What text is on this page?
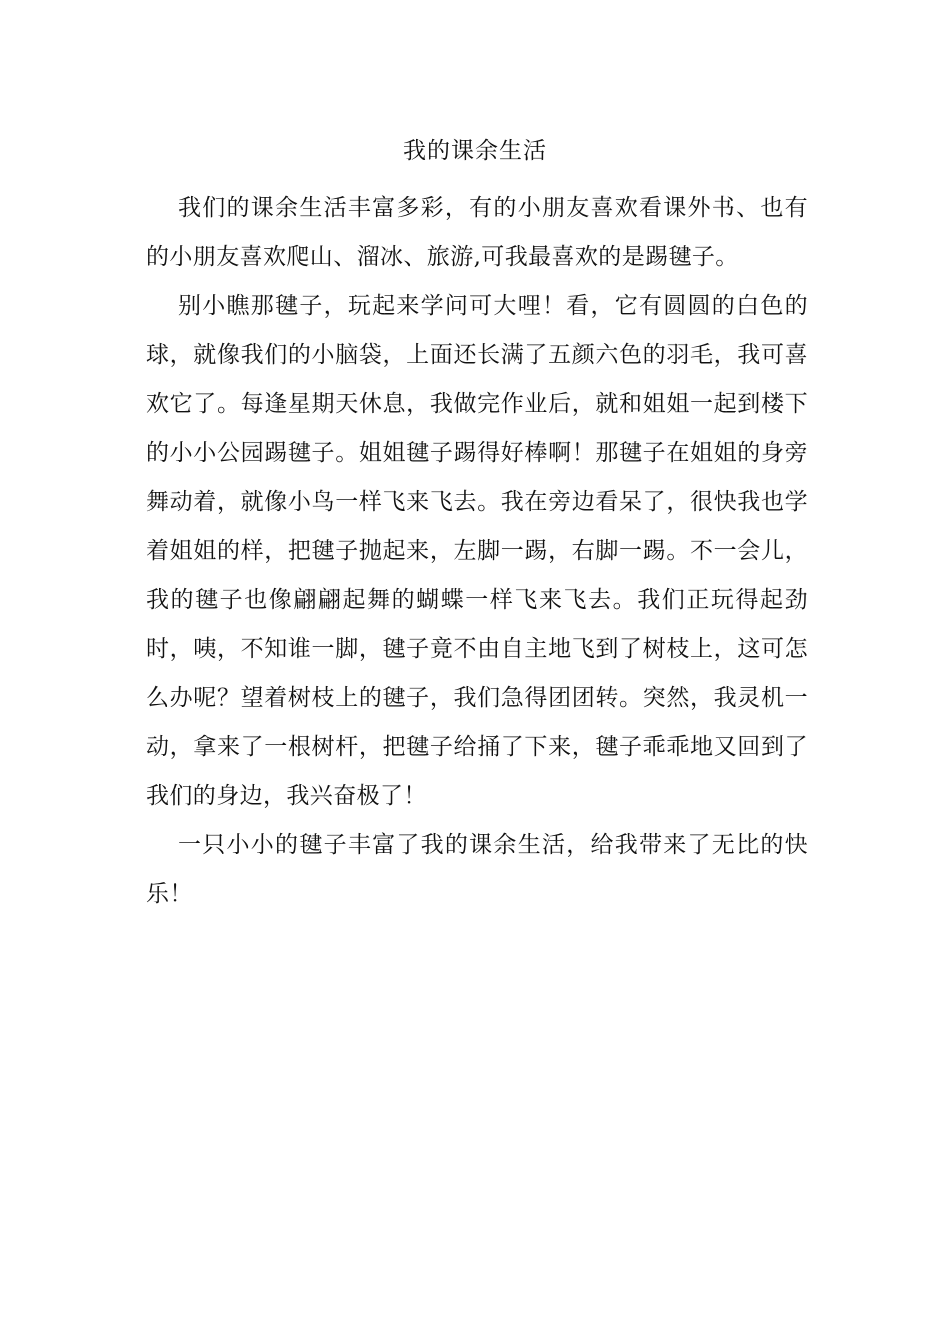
我的课余生活

我们的课余生活丰富多彩，有的小朋友喜欢看课外书、也有的小朋友喜欢爬山、溜冰、旅游,可我最喜欢的是踢毽子。

别小瞧那毽子，玩起来学问可大哩！看，它有圆圆的白色的球，就像我们的小脑袋，上面还长满了五颜六色的羽毛，我可喜欢它了。每逢星期天休息，我做完作业后，就和姐姐一起到楼下的小小公园踢毽子。姐姐毽子踢得好棒啊！那毽子在姐姐的身旁舞动着，就像小鸟一样飞来飞去。我在旁边看呆了，很快我也学着姐姐的样，把毽子抛起来，左脚一踢，右脚一踢。不一会儿，我的毽子也像翩翩起舞的蝴蝶一样飞来飞去。我们正玩得起劲时，咦，不知谁一脚，毽子竟不由自主地飞到了树枝上，这可怎么办呢？望着树枝上的毽子，我们急得团团转。突然，我灵机一动，拿来了一根树杆，把毽子给捅了下来，毽子乖乖地又回到了我们的身边，我兴奋极了！

一只小小的毽子丰富了我的课余生活，给我带来了无比的快乐！
